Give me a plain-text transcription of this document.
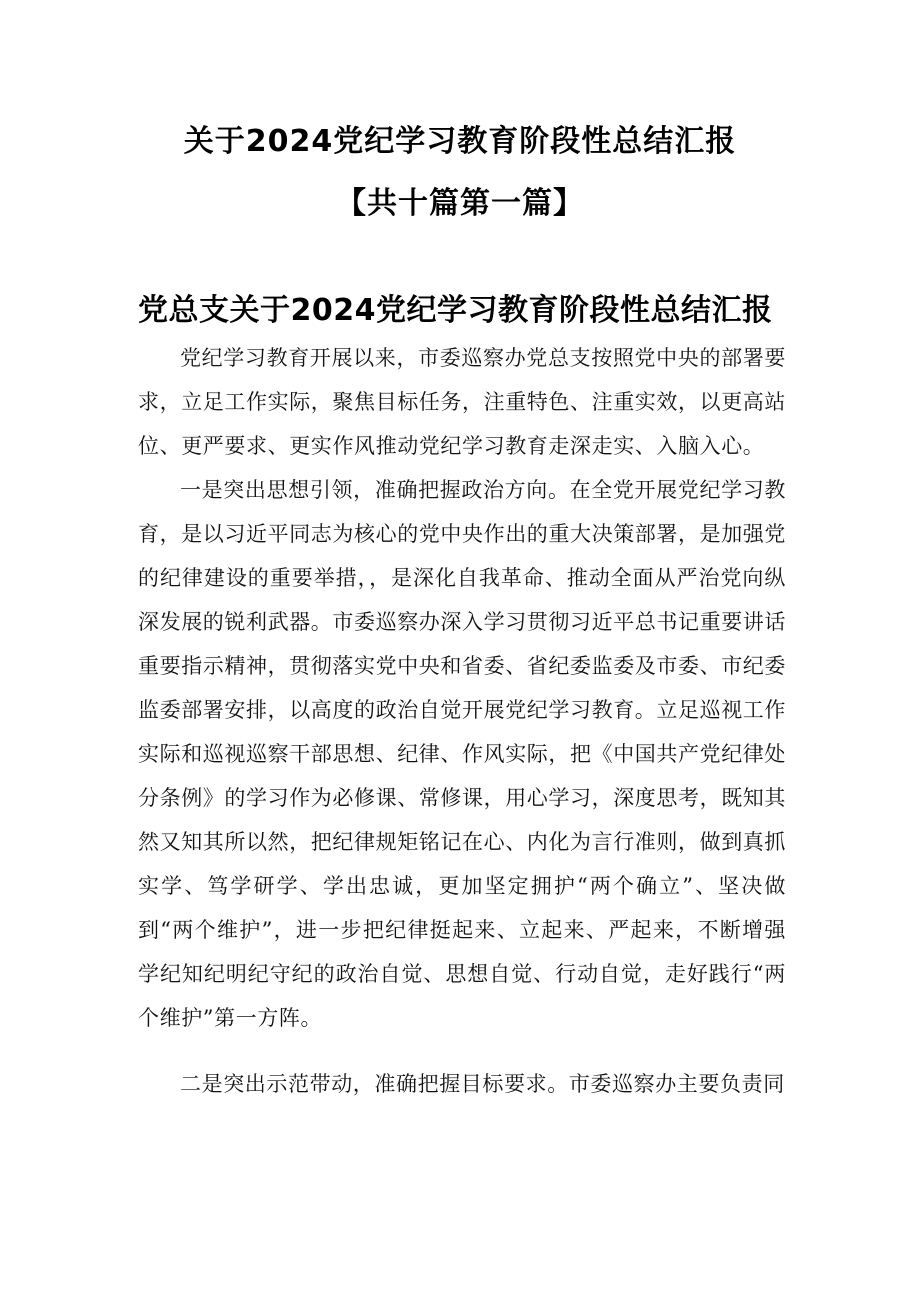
关于2024党纪学习教育阶段性总结汇报
【共十篇第一篇】
党总支关于2024党纪学习教育阶段性总结汇报

党纪学习教育开展以来，市委巡察办党总支按照党中央的部署要求，立足工作实际，聚焦目标任务，注重特色、注重实效，以更高站位、更严要求、更实作风推动党纪学习教育走深走实、入脑入心。

一是突出思想引领，准确把握政治方向。在全党开展党纪学习教育，是以习近平同志为核心的党中央作出的重大决策部署，是加强党的纪律建设的重要举措，，是深化自我革命、推动全面从严治党向纵深发展的锐利武器。市委巡察办深入学习贯彻习近平总书记重要讲话重要指示精神，贯彻落实党中央和省委、省纪委监委及市委、市纪委监委部署安排，以高度的政治自觉开展党纪学习教育。立足巡视工作实际和巡视巡察干部思想、纪律、作风实际，把《中国共产党纪律处分条例》的学习作为必修课、常修课，用心学习，深度思考，既知其然又知其所以然，把纪律规矩铭记在心、内化为言行准则，做到真抓实学、笃学研学、学出忠诚，更加坚定拥护“两个确立”、坚决做到“两个维护”，进一步把纪律挺起来、立起来、严起来，不断增强学纪知纪明纪守纪的政治自觉、思想自觉、行动自觉，走好践行“两个维护”第一方阵。

二是突出示范带动，准确把握目标要求。市委巡察办主要负责同
